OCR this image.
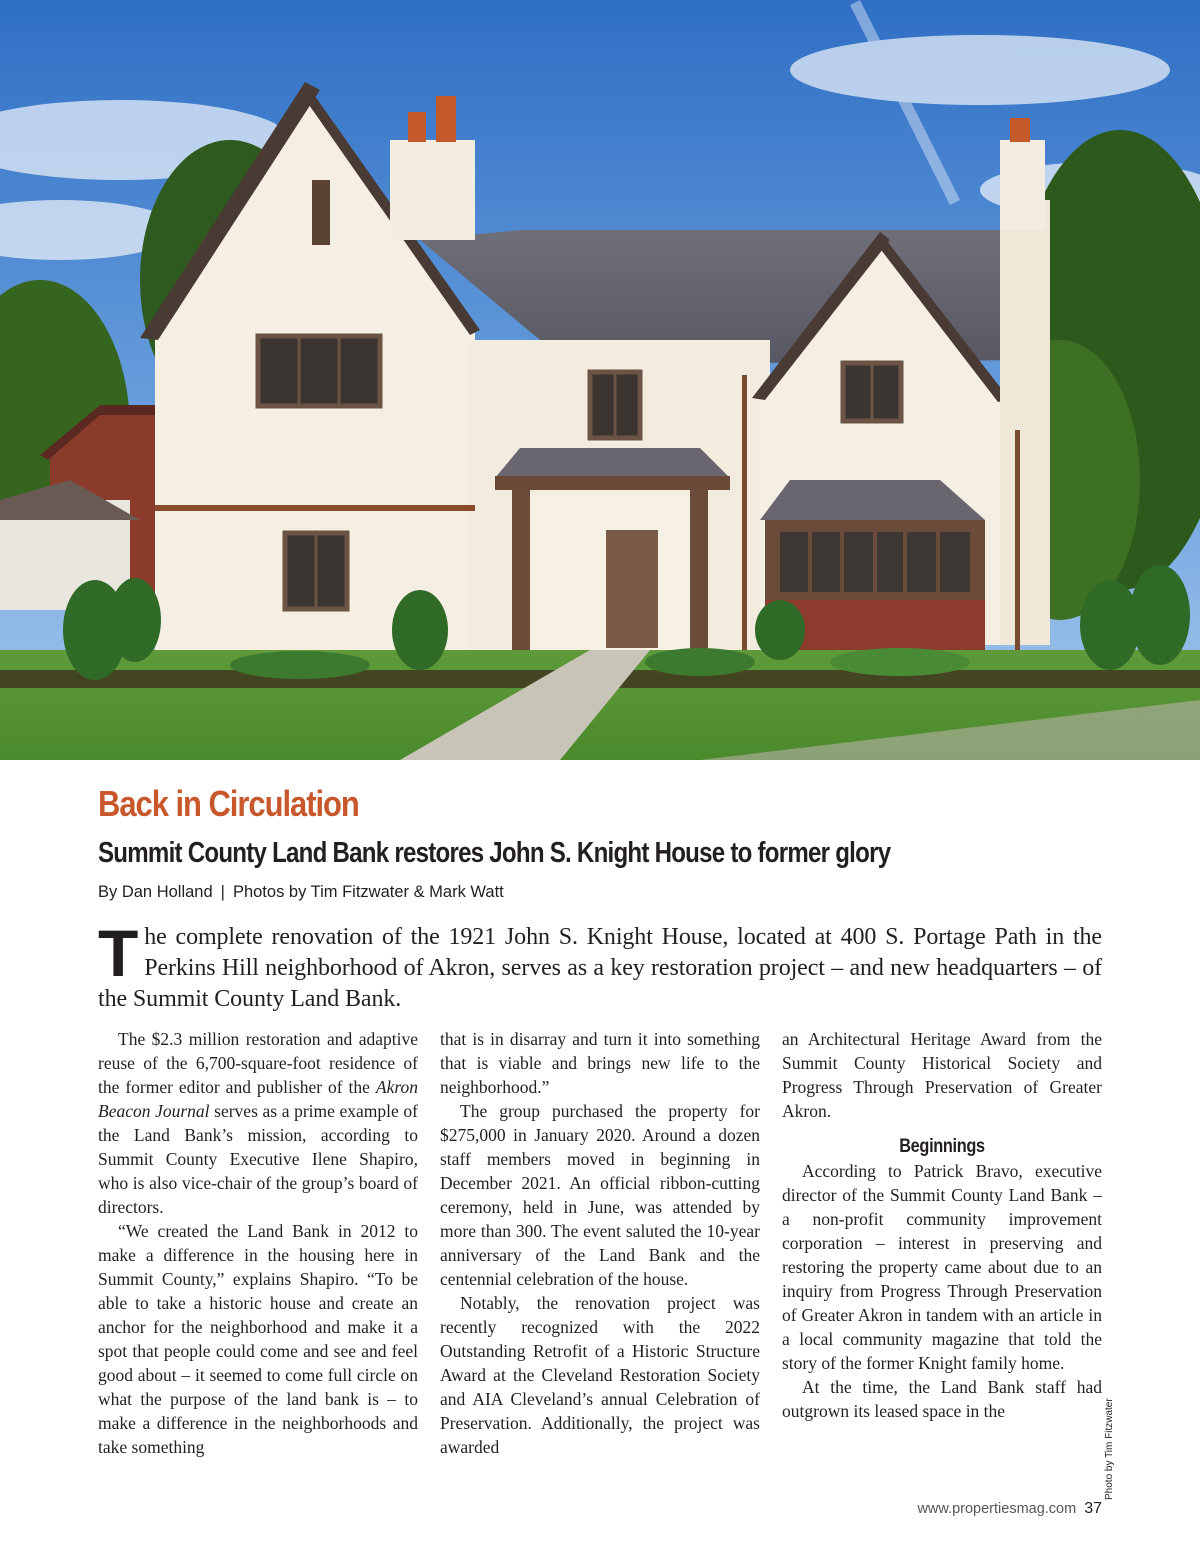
Back in Circulation
Summit County Land Bank restores John S. Knight House to former glory
By Dan Holland | Photos by Tim Fitzwater & Mark Watt
The complete renovation of the 1921 John S. Knight House, located at 400 S. Portage Path in the Perkins Hill neighborhood of Akron, serves as a key restoration project – and new headquarters – of the Summit County Land Bank.

The $2.3 million restoration and adaptive reuse of the 6,700-square-foot residence of the former editor and publisher of the Akron Beacon Journal serves as a prime example of the Land Bank’s mission, according to Summit County Executive Ilene Shapiro, who is also vice-chair of the group’s board of directors.

“We created the Land Bank in 2012 to make a difference in the housing here in Summit County,” explains Shapiro. “To be able to take a historic house and create an anchor for the neighborhood and make it a spot that people could come and see and feel good about – it seemed to come full circle on what the purpose of the land bank is – to make a difference in the neighborhoods and take something

that is in disarray and turn it into something that is viable and brings new life to the neighborhood.”

The group purchased the property for $275,000 in January 2020. Around a dozen staff members moved in beginning in December 2021. An official ribbon-cutting ceremony, held in June, was attended by more than 300. The event saluted the 10-year anniversary of the Land Bank and the centennial celebration of the house.

Notably, the renovation project was recently recognized with the 2022 Outstanding Retrofit of a Historic Structure Award at the Cleveland Restoration Society and AIA Cleveland’s annual Celebration of Preservation. Additionally, the project was awarded

an Architectural Heritage Award from the Summit County Historical Society and Progress Through Preservation of Greater Akron.

Beginnings

According to Patrick Bravo, executive director of the Summit County Land Bank – a non-profit community improvement corporation – interest in preserving and restoring the property came about due to an inquiry from Progress Through Preservation of Greater Akron in tandem with an article in a local community magazine that told the story of the former Knight family home.

At the time, the Land Bank staff had outgrown its leased space in the	Photo by Tim Fitzwater
www.propertiesmag.com 37
